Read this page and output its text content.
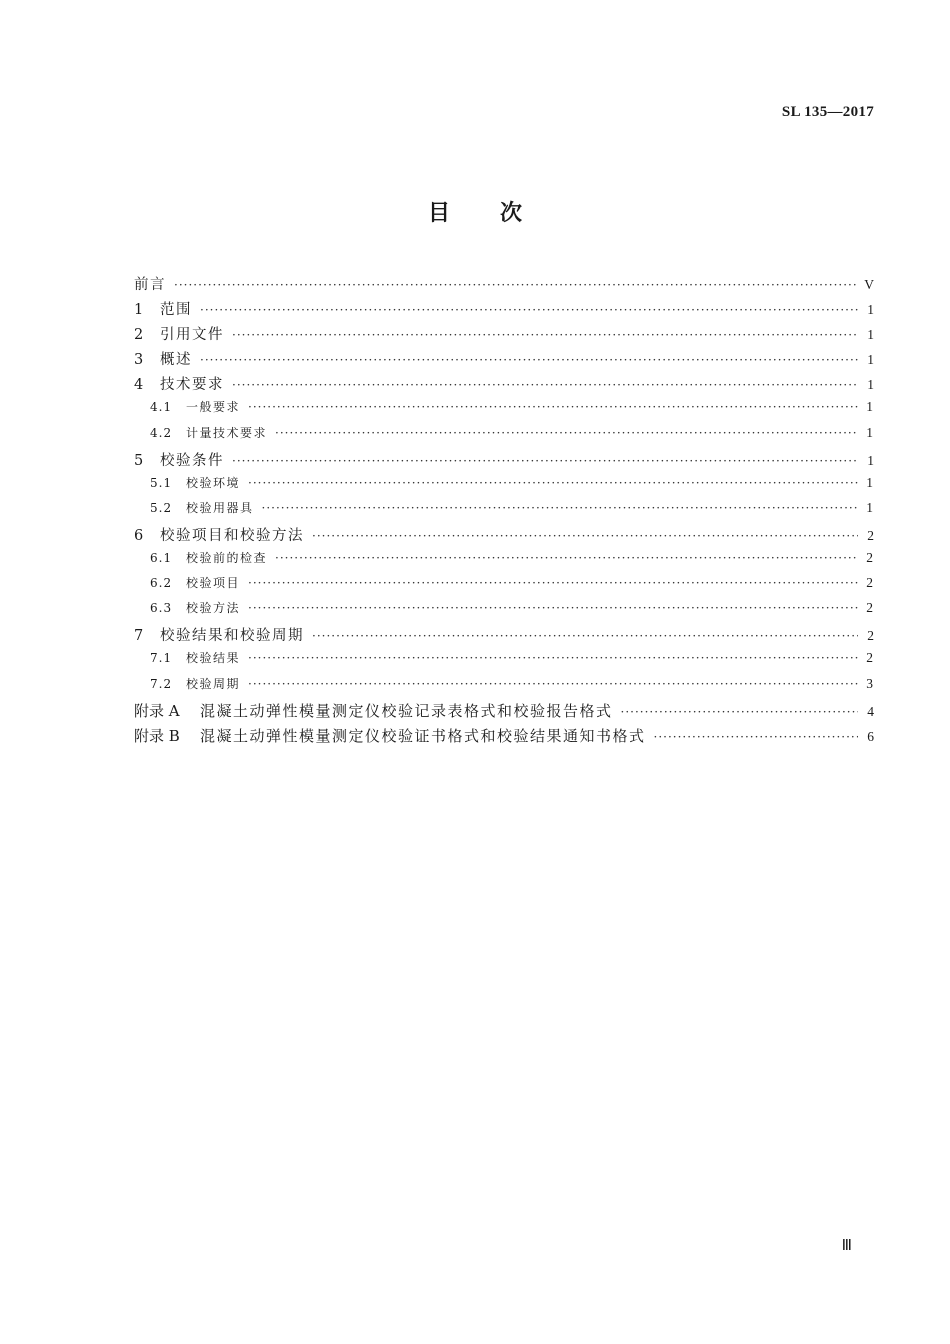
SL 135—2017
目 次
前言 ·····	V
1	范围 ·····	1
2	引用文件 ·····	1
3	概述 ·····	1
4	技术要求 ·····	1
4.1	一般要求 ·····	1
4.2	计量技术要求 ·····	1
5	校验条件 ·····	1
5.1	校验环境 ·····	1
5.2	校验用器具 ·····	1
6	校验项目和校验方法 ·····	2
6.1	校验前的检查 ·····	2
6.2	校验项目 ·····	2
6.3	校验方法 ·····	2
7	校验结果和校验周期 ·····	2
7.1	校验结果 ·····	2
7.2	校验周期 ·····	3
附录 A	混凝土动弹性模量测定仪校验记录表格式和校验报告格式 ·····	4
附录 B	混凝土动弹性模量测定仪校验证书格式和校验结果通知书格式 ·····	6
Ⅲ
